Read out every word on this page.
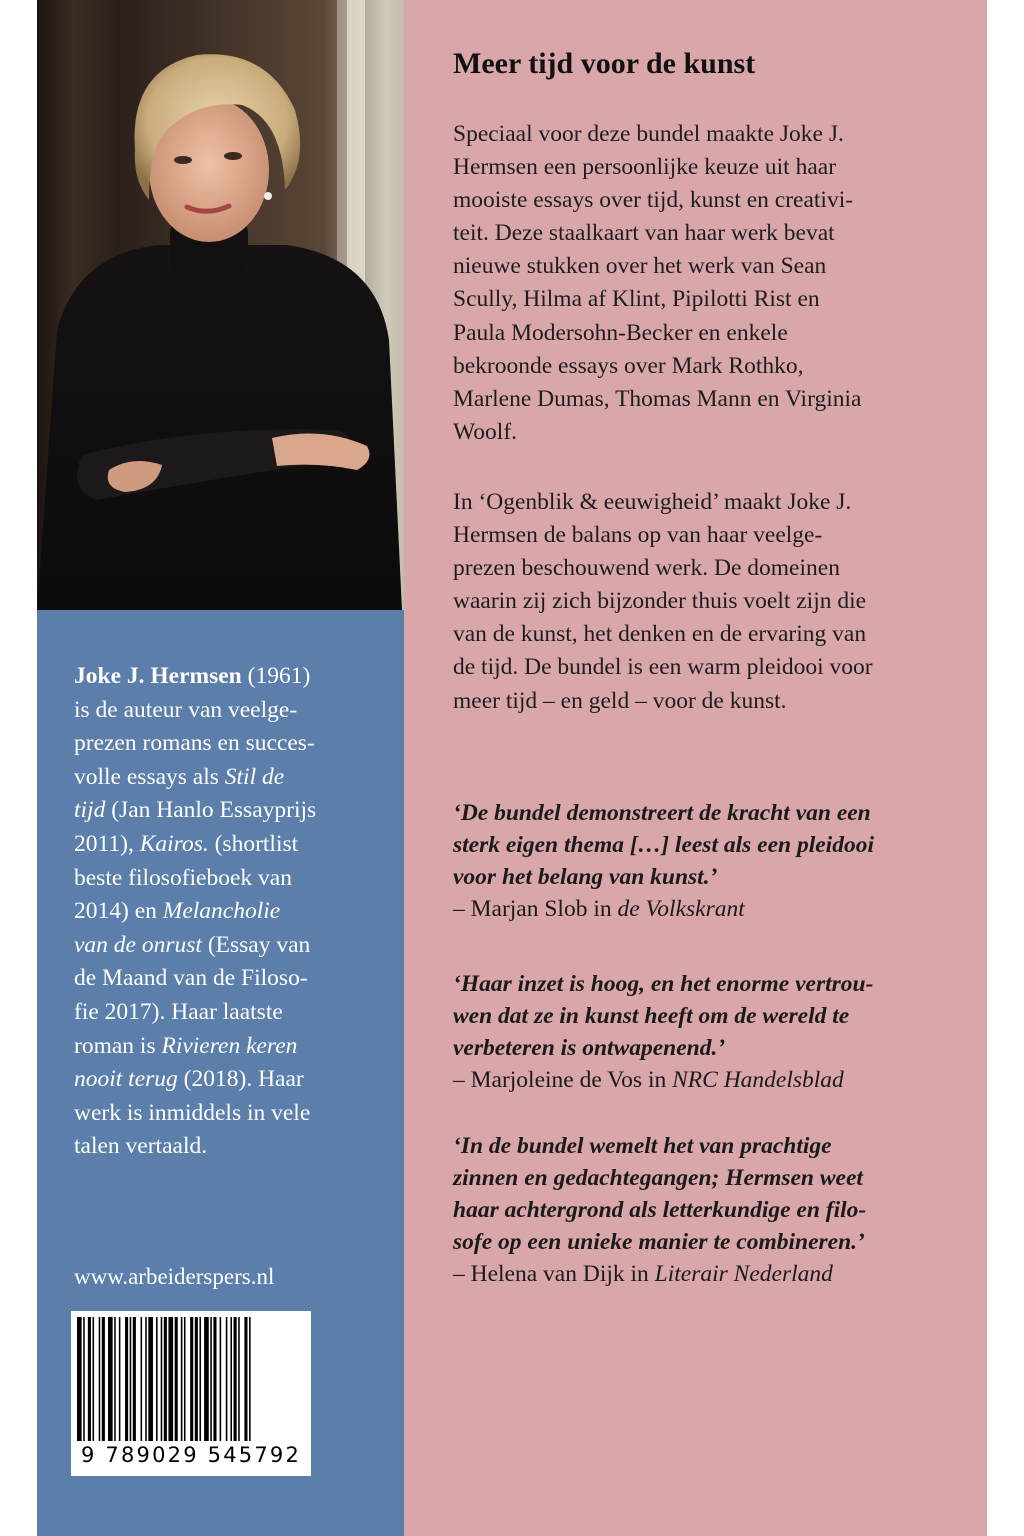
Joke J. Hermsen (1961)
is de auteur van veelge-
prezen romans en succes-
volle essays als Stil de
tijd (Jan Hanlo Essayprijs
2011), Kairos. (shortlist
beste filosofieboek van
2014) en Melancholie
van de onrust (Essay van
de Maand van de Filoso-
fie 2017). Haar laatste
roman is Rivieren keren
nooit terug (2018). Haar
werk is inmiddels in vele
talen vertaald.
www.arbeiderspers.nl
9 789029 545792
Meer tijd voor de kunst
Speciaal voor deze bundel maakte Joke J.
Hermsen een persoonlijke keuze uit haar
mooiste essays over tijd, kunst en creativi-
teit. Deze staalkaart van haar werk bevat
nieuwe stukken over het werk van Sean
Scully, Hilma af Klint, Pipilotti Rist en
Paula Modersohn-Becker en enkele
bekroonde essays over Mark Rothko,
Marlene Dumas, Thomas Mann en Virginia
Woolf.
In ‘Ogenblik & eeuwigheid’ maakt Joke J.
Hermsen de balans op van haar veelge-
prezen beschouwend werk. De domeinen
waarin zij zich bijzonder thuis voelt zijn die
van de kunst, het denken en de ervaring van
de tijd. De bundel is een warm pleidooi voor
meer tijd – en geld – voor de kunst.
‘De bundel demonstreert de kracht van een
sterk eigen thema […] leest als een pleidooi
voor het belang van kunst.’
– Marjan Slob in de Volkskrant
‘Haar inzet is hoog, en het enorme vertrou-
wen dat ze in kunst heeft om de wereld te
verbeteren is ontwapenend.’
– Marjoleine de Vos in NRC Handelsblad
‘In de bundel wemelt het van prachtige
zinnen en gedachtegangen; Hermsen weet
haar achtergrond als letterkundige en filo-
sofe op een unieke manier te combineren.’
– Helena van Dijk in Literair Nederland
